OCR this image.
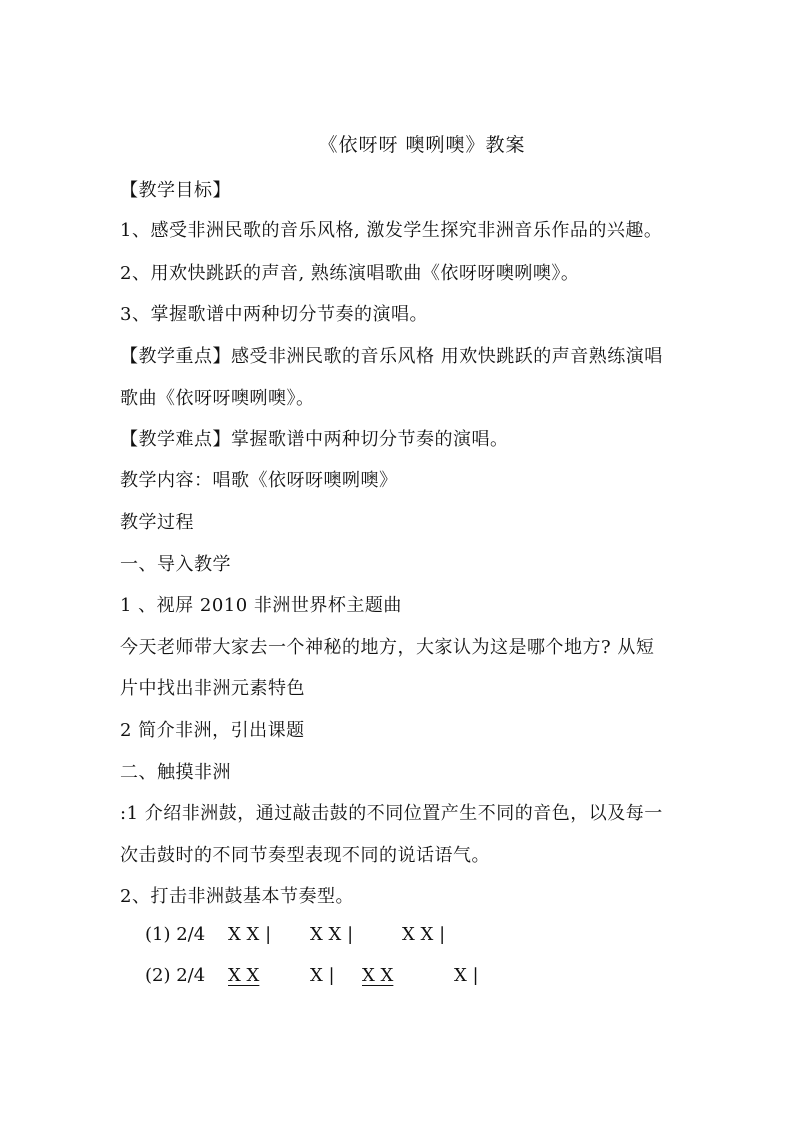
《依呀呀 噢咧噢》教案
【教学目标】
1、感受非洲民歌的音乐风格, 激发学生探究非洲音乐作品的兴趣。
2、用欢快跳跃的声音, 熟练演唱歌曲《依呀呀噢咧噢》。
3、掌握歌谱中两种切分节奏的演唱。
【教学重点】感受非洲民歌的音乐风格 用欢快跳跃的声音熟练演唱
歌曲《依呀呀噢咧噢》。
【教学难点】掌握歌谱中两种切分节奏的演唱。
教学内容：唱歌《依呀呀噢咧噢》
教学过程
一、导入教学
1 、视屏 2010 非洲世界杯主题曲
今天老师带大家去一个神秘的地方，大家认为这是哪个地方? 从短
片中找出非洲元素特色
2 简介非洲，引出课题
二、触摸非洲
:1 介绍非洲鼓，通过敲击鼓的不同位置产生不同的音色，以及每一
次击鼓时的不同节奏型表现不同的说话语气。
2、打击非洲鼓基本节奏型。
(1) 2/4 X X | X X |	X X |
(2) 2/4 X X	X | X X	X |
